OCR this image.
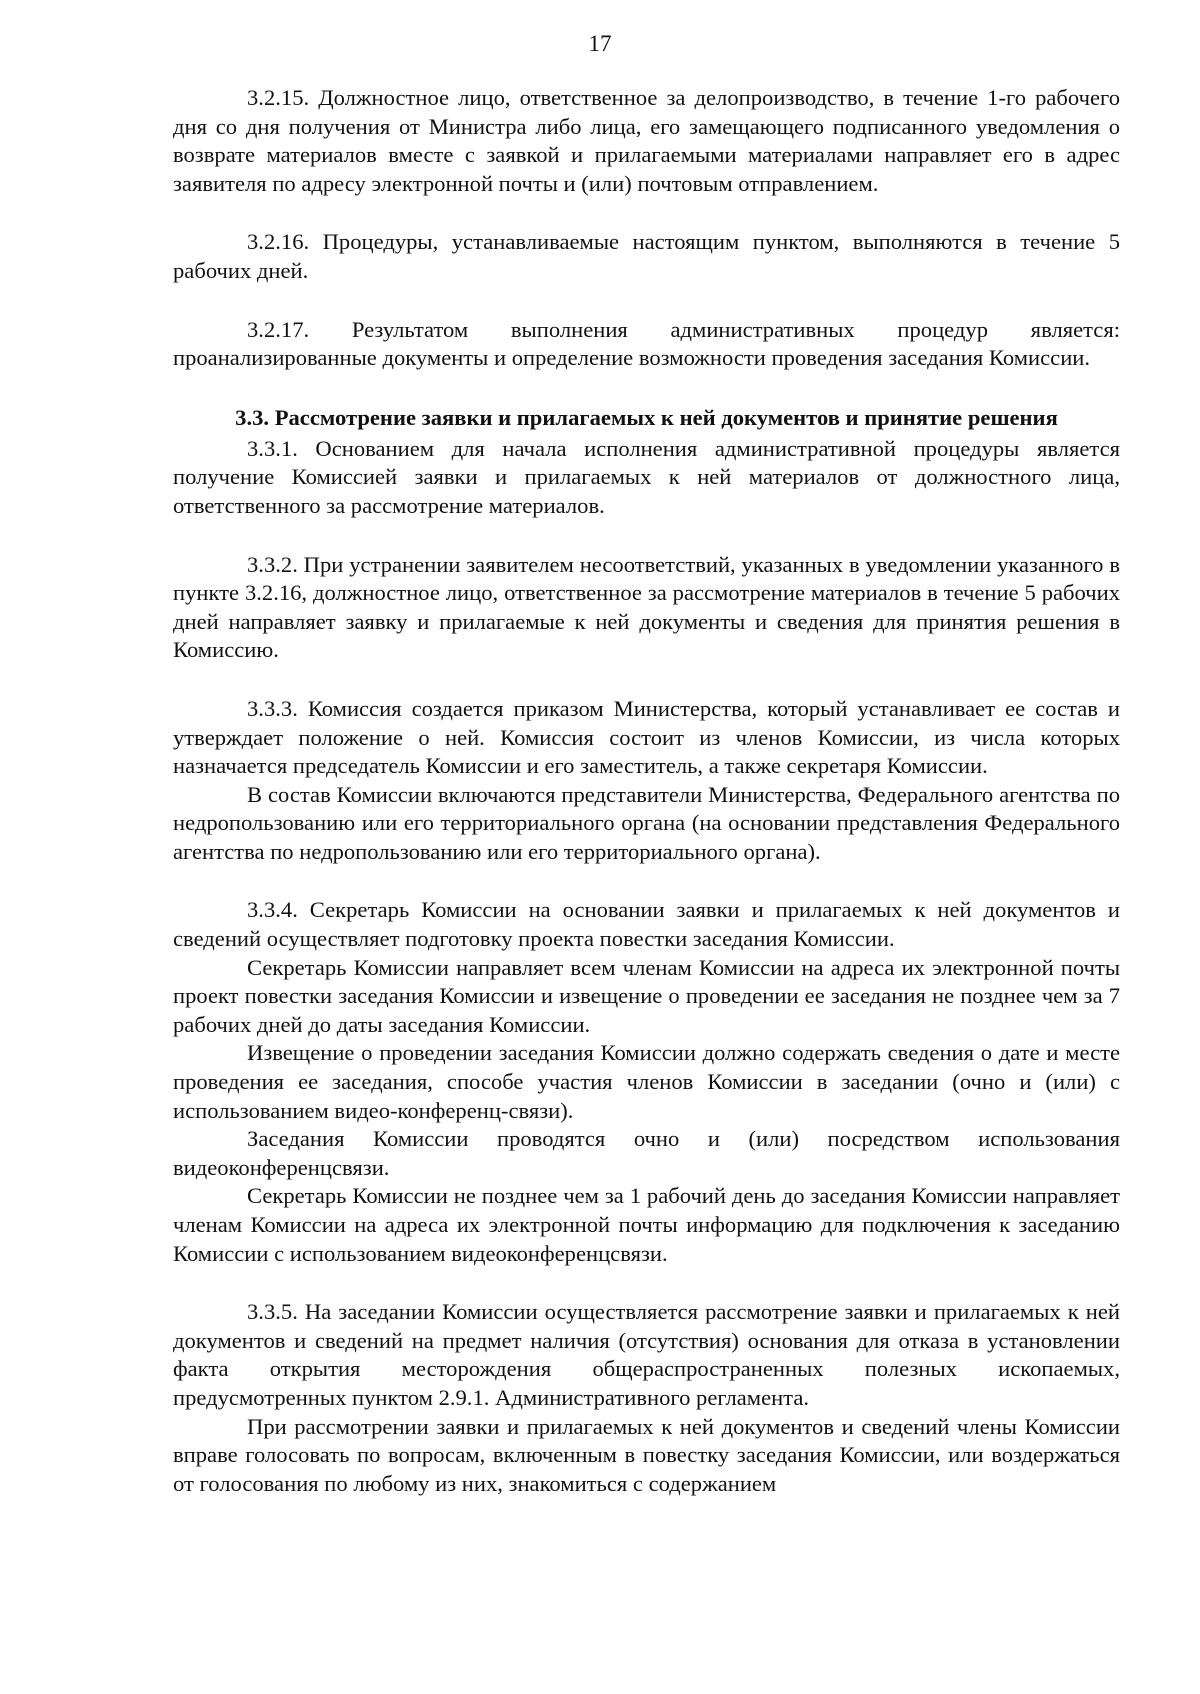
17

3.2.15. Должностное лицо, ответственное за делопроизводство, в течение 1-го рабочего дня со дня получения от Министра либо лица, его замещающего подписанного уведомления о возврате материалов вместе с заявкой и прилагаемыми материалами направляет его в адрес заявителя по адресу электронной почты и (или) почтовым отправлением.

3.2.16. Процедуры, устанавливаемые настоящим пунктом, выполняются в течение 5 рабочих дней.

3.2.17. Результатом выполнения административных процедур является: проанализированные документы и определение возможности проведения заседания Комиссии.

3.3. Рассмотрение заявки и прилагаемых к ней документов и принятие решения

3.3.1. Основанием для начала исполнения административной процедуры является получение Комиссией заявки и прилагаемых к ней материалов от должностного лица, ответственного за рассмотрение материалов.

3.3.2. При устранении заявителем несоответствий, указанных в уведомлении указанного в пункте 3.2.16, должностное лицо, ответственное за рассмотрение материалов в течение 5 рабочих дней направляет заявку и прилагаемые к ней документы и сведения для принятия решения в Комиссию.

3.3.3. Комиссия создается приказом Министерства, который устанавливает ее состав и утверждает положение о ней. Комиссия состоит из членов Комиссии, из числа которых назначается председатель Комиссии и его заместитель, а также секретаря Комиссии.

В состав Комиссии включаются представители Министерства, Федерального агентства по недропользованию или его территориального органа (на основании представления Федерального агентства по недропользованию или его территориального органа).

3.3.4. Секретарь Комиссии на основании заявки и прилагаемых к ней документов и сведений осуществляет подготовку проекта повестки заседания Комиссии.

Секретарь Комиссии направляет всем членам Комиссии на адреса их электронной почты проект повестки заседания Комиссии и извещение о проведении ее заседания не позднее чем за 7 рабочих дней до даты заседания Комиссии.

Извещение о проведении заседания Комиссии должно содержать сведения о дате и месте проведения ее заседания, способе участия членов Комиссии в заседании (очно и (или) с использованием видео-конференц-связи).

Заседания Комиссии проводятся очно и (или) посредством использования видеоконференцсвязи.

Секретарь Комиссии не позднее чем за 1 рабочий день до заседания Комиссии направляет членам Комиссии на адреса их электронной почты информацию для подключения к заседанию Комиссии с использованием видеоконференцсвязи.

3.3.5. На заседании Комиссии осуществляется рассмотрение заявки и прилагаемых к ней документов и сведений на предмет наличия (отсутствия) основания для отказа в установлении факта открытия месторождения общераспространенных полезных ископаемых, предусмотренных пунктом 2.9.1. Административного регламента.

При рассмотрении заявки и прилагаемых к ней документов и сведений члены Комиссии вправе голосовать по вопросам, включенным в повестку заседания Комиссии, или воздержаться от голосования по любому из них, знакомиться с содержанием
